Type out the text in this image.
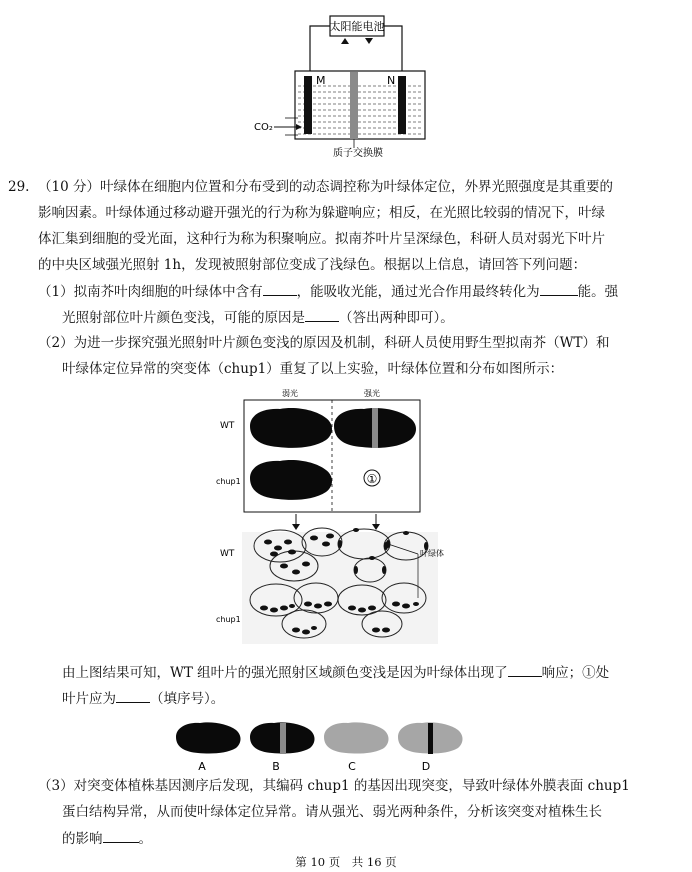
太阳能电池
M	N
质子交换膜
CO₂
29. （10 分）叶绿体在细胞内位置和分布受到的动态调控称为叶绿体定位，外界光照强度是其重要的
影响因素。叶绿体通过移动避开强光的行为称为躲避响应；相反，在光照比较弱的情况下，叶绿
体汇集到细胞的受光面，这种行为称为积聚响应。拟南芥叶片呈深绿色，科研人员对弱光下叶片
的中央区域强光照射 1h，发现被照射部位变成了浅绿色。根据以上信息，请回答下列问题：
（1）拟南芥叶肉细胞的叶绿体中含有	，能吸收光能，通过光合作用最终转化为	能。强
光照射部位叶片颜色变浅，可能的原因是	（答出两种即可）。
（2）为进一步探究强光照射叶片颜色变浅的原因及机制，科研人员使用野生型拟南芥（WT）和
叶绿体定位异常的突变体（chup1）重复了以上实验，叶绿体位置和分布如图所示：
弱光	强光
WT
chup1	①
WT
chup1
叶绿体
由上图结果可知，WT 组叶片的强光照射区域颜色变浅是因为叶绿体出现了	响应；①处
叶片应为	（填序号）。
A	B	C	D
（3）对突变体植株基因测序后发现，其编码 chup1 的基因出现突变，导致叶绿体外膜表面 chup1
蛋白结构异常，从而使叶绿体定位异常。请从强光、弱光两种条件，分析该突变对植株生长
的影响	。
第 10 页　共 16 页
